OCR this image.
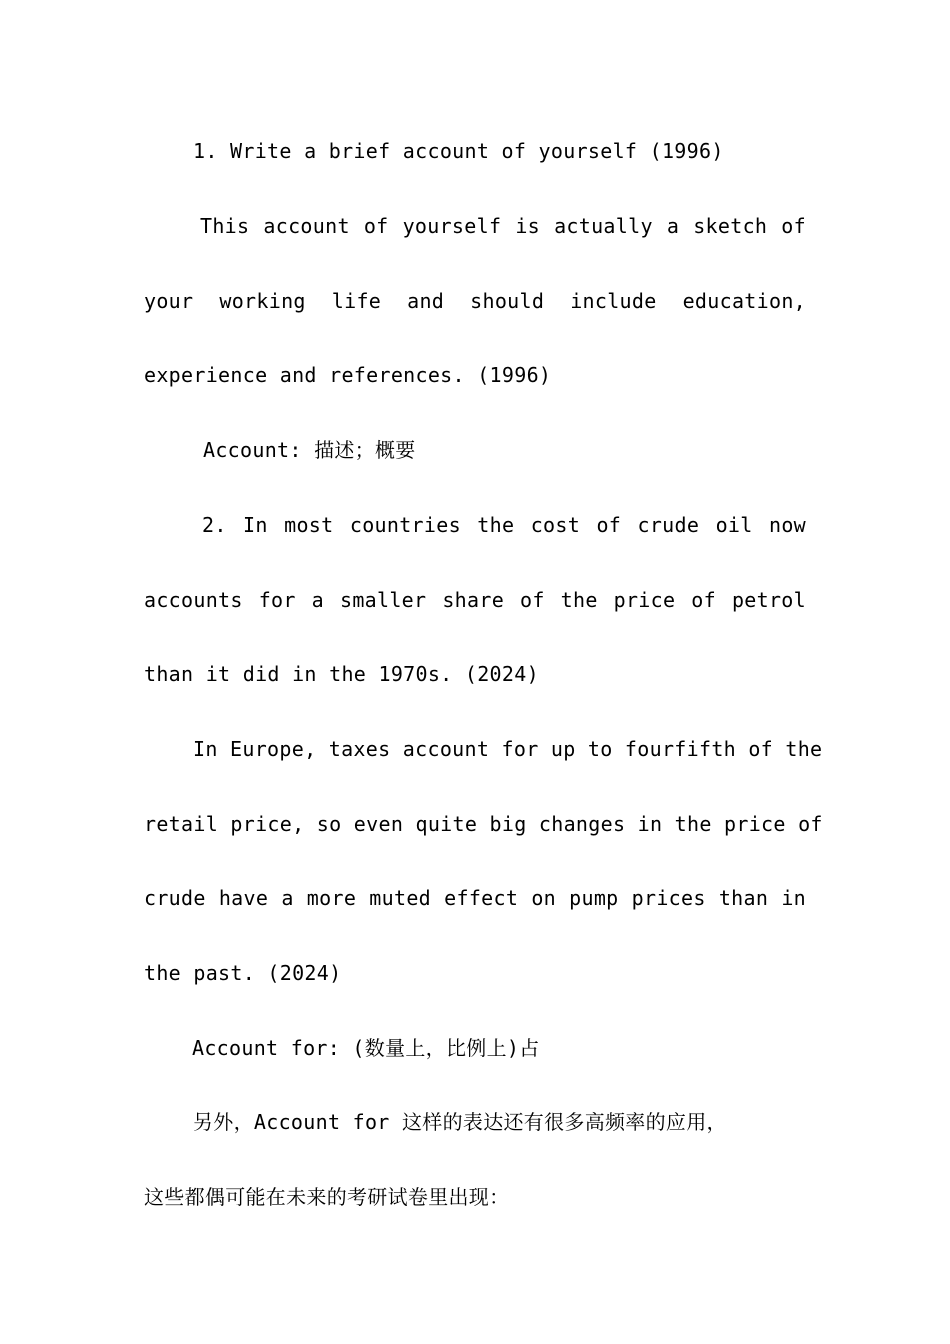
1. Write a brief account of yourself (1996)
This account of yourself is actually a sketch of
your working life and should include education,
experience and references. (1996)
Account: 描述；概要
2. In most countries the cost of crude oil now
accounts for a smaller share of the price of petrol
than it did in the 1970s. (2024)
In Europe, taxes account for up to fourfifth of the
retail price, so even quite big changes in the price of
crude have a more muted effect on pump prices than in
the past. (2024)
Account for: (数量上，比例上)占
另外，Account for 这样的表达还有很多高频率的应用，
这些都偶可能在未来的考研试卷里出现：
